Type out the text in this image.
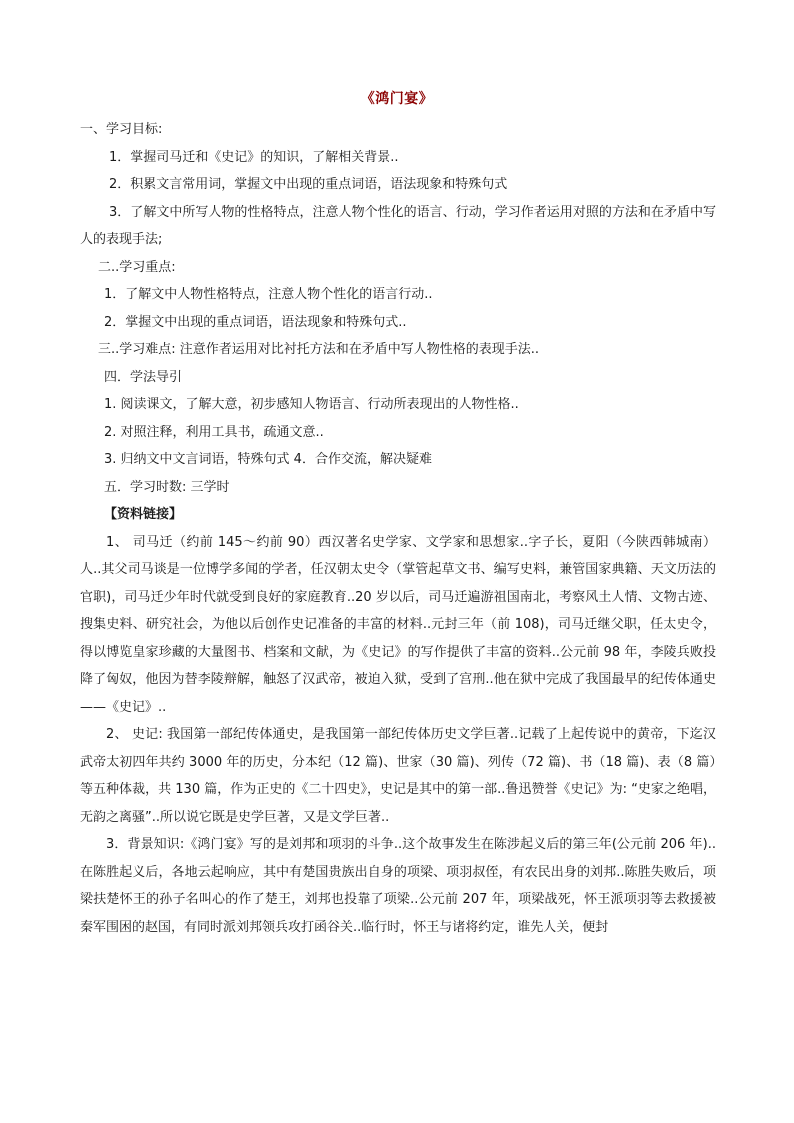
《鸿门宴》

一、学习目标:

1．掌握司马迁和《史记》的知识，了解相关背景..

2．积累文言常用词，掌握文中出现的重点词语，语法现象和特殊句式

3．了解文中所写人物的性格特点，注意人物个性化的语言、行动，学习作者运用对照的方法和在矛盾中写人的表现手法;

二..学习重点:

1．了解文中人物性格特点，注意人物个性化的语言行动..

2．掌握文中出现的重点词语，语法现象和特殊句式..

三..学习难点: 注意作者运用对比衬托方法和在矛盾中写人物性格的表现手法..

四．学法导引

1. 阅读课文，了解大意，初步感知人物语言、行动所表现出的人物性格..

2. 对照注释，利用工具书，疏通文意..

3. 归纳文中文言词语，特殊句式 4．合作交流，解决疑难

五．学习时数: 三学时

【资料链接】

1、 司马迁（约前 145～约前 90）西汉著名史学家、文学家和思想家..字子长，夏阳（今陕西韩城南）人..其父司马谈是一位博学多闻的学者，任汉朝太史令（掌管起草文书、编写史料，兼管国家典籍、天文历法的官职)，司马迁少年时代就受到良好的家庭教育..20 岁以后，司马迁遍游祖国南北，考察风土人情、文物古迹、搜集史料、研究社会，为他以后创作史记准备的丰富的材料..元封三年（前 108)，司马迁继父职，任太史令，得以博览皇家珍藏的大量图书、档案和文献，为《史记》的写作提供了丰富的资料..公元前 98 年，李陵兵败投降了匈奴，他因为替李陵辩解，触怒了汉武帝，被迫入狱，受到了宫刑..他在狱中完成了我国最早的纪传体通史——《史记》..

2、 史记: 我国第一部纪传体通史，是我国第一部纪传体历史文学巨著..记载了上起传说中的黄帝，下迄汉武帝太初四年共约 3000 年的历史，分本纪（12 篇)、世家（30 篇)、列传（72 篇)、书（18 篇)、表（8 篇）等五种体裁，共 130 篇，作为正史的《二十四史》，史记是其中的第一部..鲁迅赞誉《史记》为: “史家之绝唱，无韵之离骚”..所以说它既是史学巨著，又是文学巨著..

3．背景知识:《鸿门宴》写的是刘邦和项羽的斗争..这个故事发生在陈涉起义后的第三年(公元前 206 年)..在陈胜起义后，各地云起响应，其中有楚国贵族出自身的项梁、项羽叔侄，有农民出身的刘邦..陈胜失败后，项梁扶楚怀王的孙子名叫心的作了楚王，刘邦也投靠了项梁..公元前 207 年，项梁战死，怀王派项羽等去救援被秦军围困的赵国，有同时派刘邦领兵攻打函谷关..临行时，怀王与诸将约定，谁先人关，便封
